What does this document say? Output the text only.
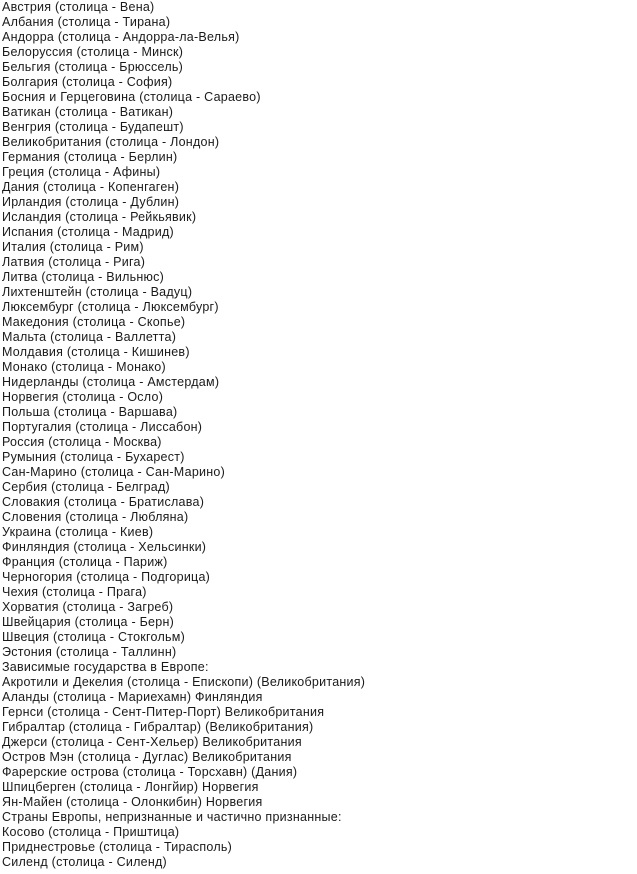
Австрия (столица - Вена)
Албания (столица - Тирана)
Андорра (столица - Андорра-ла-Велья)
Белоруссия (столица - Минск)
Бельгия (столица - Брюссель)
Болгария (столица - София)
Босния и Герцеговина (столица - Сараево)
Ватикан (столица - Ватикан)
Венгрия (столица - Будапешт)
Великобритания (столица - Лондон)
Германия (столица - Берлин)
Греция (столица - Афины)
Дания (столица - Копенгаген)
Ирландия (столица - Дублин)
Исландия (столица - Рейкьявик)
Испания (столица - Мадрид)
Италия (столица - Рим)
Латвия (столица - Рига)
Литва (столица - Вильнюс)
Лихтенштейн (столица - Вадуц)
Люксембург (столица - Люксембург)
Македония (столица - Скопье)
Мальта (столица - Валлетта)
Молдавия (столица - Кишинев)
Монако (столица - Монако)
Нидерланды (столица - Амстердам)
Норвегия (столица - Осло)
Польша (столица - Варшава)
Португалия (столица - Лиссабон)
Россия (столица - Москва)
Румыния (столица - Бухарест)
Сан-Марино (столица - Сан-Марино)
Сербия (столица - Белград)
Словакия (столица - Братислава)
Словения (столица - Любляна)
Украина (столица - Киев)
Финляндия (столица - Хельсинки)
Франция (столица - Париж)
Черногория (столица - Подгорица)
Чехия (столица - Прага)
Хорватия (столица - Загреб)
Швейцария (столица - Берн)
Швеция (столица - Стокгольм)
Эстония (столица - Таллинн)
Зависимые государства в Европе:
Акротили и Декелия (столица - Епископи) (Великобритания)
Аланды (столица - Мариехамн) Финляндия
Гернси (столица - Сент-Питер-Порт) Великобритания
Гибралтар (столица - Гибралтар) (Великобритания)
Джерси (столица - Сент-Хельер) Великобритания
Остров Мэн (столица - Дуглас) Великобритания
Фарерские острова (столица - Торсхавн) (Дания)
Шпицберген (столица - Лонгйир) Норвегия
Ян-Майен (столица - Олонкибин) Норвегия
Страны Европы, непризнанные и частично признанные:
Косово (столица - Приштица)
Приднестровье (столица - Тирасполь)
Силенд (столица - Силенд)
